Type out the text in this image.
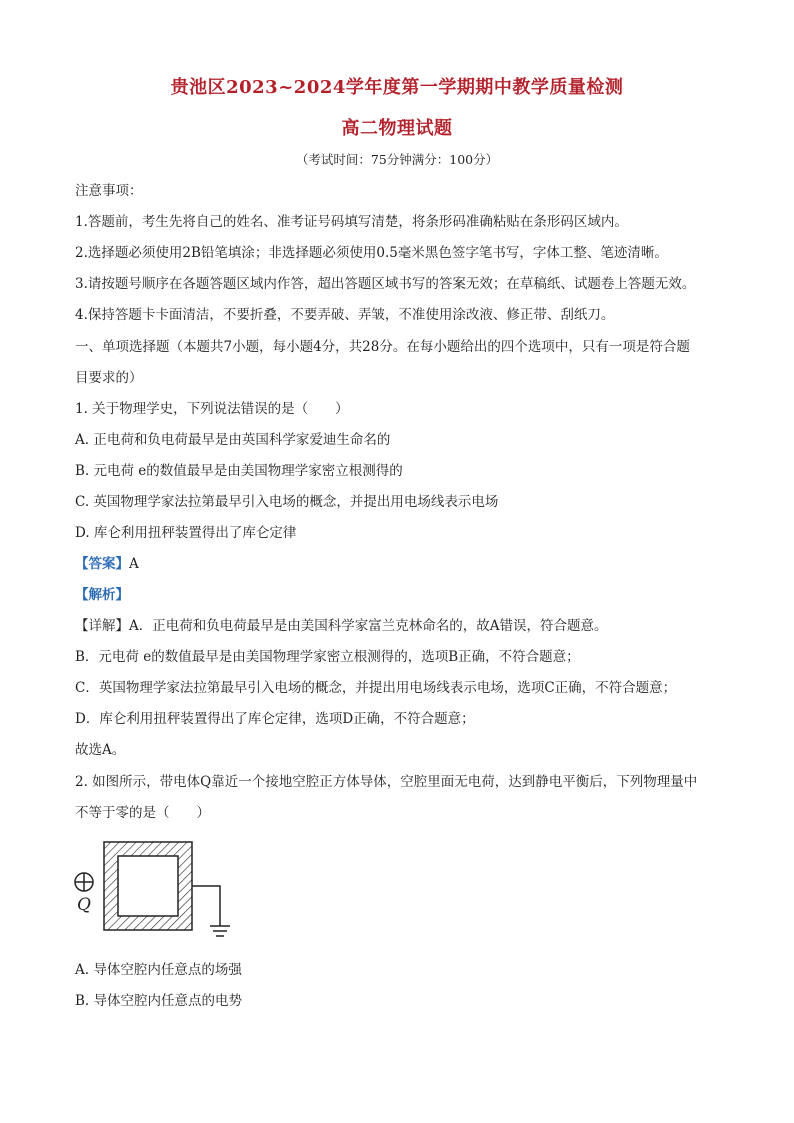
贵池区2023~2024学年度第一学期期中教学质量检测
高二物理试题
（考试时间：75分钟满分：100分）
注意事项：
1.答题前，考生先将自己的姓名、准考证号码填写清楚，将条形码准确粘贴在条形码区域内。
2.选择题必须使用2B铅笔填涂；非选择题必须使用0.5毫米黑色签字笔书写，字体工整、笔迹清晰。
3.请按题号顺序在各题答题区域内作答，超出答题区域书写的答案无效；在草稿纸、试题卷上答题无效。
4.保持答题卡卡面清洁，不要折叠，不要弄破、弄皱，不准使用涂改液、修正带、刮纸刀。
一、单项选择题（本题共7小题，每小题4分，共28分。在每小题给出的四个选项中，只有一项是符合题
目要求的）
1. 关于物理学史，下列说法错误的是（　　）
A. 正电荷和负电荷最早是由英国科学家爱迪生命名的
B. 元电荷 e的数值最早是由美国物理学家密立根测得的
C. 英国物理学家法拉第最早引入电场的概念，并提出用电场线表示电场
D. 库仑利用扭秤装置得出了库仑定律
【答案】A
【解析】
【详解】A．正电荷和负电荷最早是由美国科学家富兰克林命名的，故A错误，符合题意。
B．元电荷 e的数值最早是由美国物理学家密立根测得的，选项B正确，不符合题意；
C．英国物理学家法拉第最早引入电场的概念，并提出用电场线表示电场，选项C正确，不符合题意；
D．库仑利用扭秤装置得出了库仑定律，选项D正确，不符合题意；
故选A。
2. 如图所示，带电体Q靠近一个接地空腔正方体导体，空腔里面无电荷，达到静电平衡后，下列物理量中
不等于零的是（　　）
Q
A. 导体空腔内任意点的场强
B. 导体空腔内任意点的电势
